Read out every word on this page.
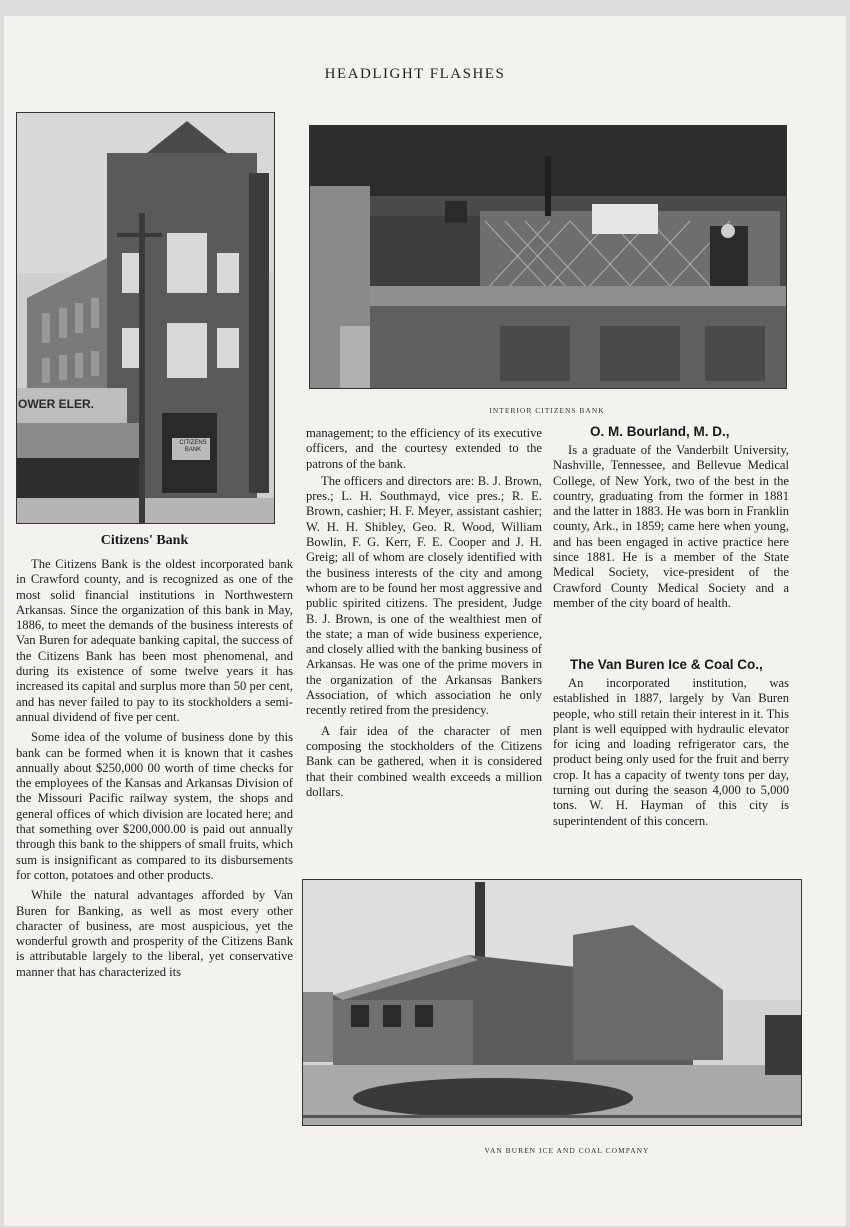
HEADLIGHT FLASHES
CITIZENS BANK
OWER ELER.	INTERIOR CITIZENS BANK
VAN BUREN ICE AND COAL COMPANY
Citizens' Bank

The Citizens Bank is the oldest incorporated bank in Crawford county, and is recognized as one of the most solid financial institutions in Northwestern Arkansas. Since the organization of this bank in May, 1886, to meet the demands of the business interests of Van Buren for adequate banking capital, the success of the Citizens Bank has been most phenomenal, and during its existence of some twelve years it has increased its capital and surplus more than 50 per cent, and has never failed to pay to its stockholders a semi-annual dividend of five per cent.

Some idea of the volume of business done by this bank can be formed when it is known that it cashes annually about $250,000 00 worth of time checks for the employees of the Kansas and Arkansas Division of the Missouri Pacific railway system, the shops and general offices of which division are located here; and that something over $200,000.00 is paid out annually through this bank to the shippers of small fruits, which sum is insignificant as compared to its disbursements for cotton, potatoes and other products.

While the natural advantages afforded by Van Buren for Banking, as well as most every other character of business, are most auspicious, yet the wonderful growth and prosperity of the Citizens Bank is attributable largely to the liberal, yet conservative manner that has characterized its

management; to the efficiency of its executive officers, and the courtesy extended to the patrons of the bank.

The officers and directors are: B. J. Brown, pres.; L. H. Southmayd, vice pres.; R. E. Brown, cashier; H. F. Meyer, assistant cashier; W. H. H. Shibley, Geo. R. Wood, William Bowlin, F. G. Kerr, F. E. Cooper and J. H. Greig; all of whom are closely identified with the business interests of the city and among whom are to be found her most aggressive and public spirited citizens. The president, Judge B. J. Brown, is one of the wealthiest men of the state; a man of wide business experience, and closely allied with the banking business of Arkansas. He was one of the prime movers in the organization of the Arkansas Bankers Association, of which association he only recently retired from the presidency.

A fair idea of the character of men composing the stockholders of the Citizens Bank can be gathered, when it is considered that their combined wealth exceeds a million dollars.

O. M. Bourland, M. D.,

Is a graduate of the Vanderbilt University, Nashville, Tennessee, and Bellevue Medical College, of New York, two of the best in the country, graduating from the former in 1881 and the latter in 1883. He was born in Franklin county, Ark., in 1859; came here when young, and has been engaged in active practice here since 1881. He is a member of the State Medical Society, vice-president of the Crawford County Medical Society and a member of the city board of health.

The Van Buren Ice & Coal Co.,

An incorporated institution, was established in 1887, largely by Van Buren people, who still retain their interest in it. This plant is well equipped with hydraulic elevator for icing and loading refrigerator cars, the product being only used for the fruit and berry crop. It has a capacity of twenty tons per day, turning out during the season 4,000 to 5,000 tons. W. H. Hayman of this city is superintendent of this concern.
